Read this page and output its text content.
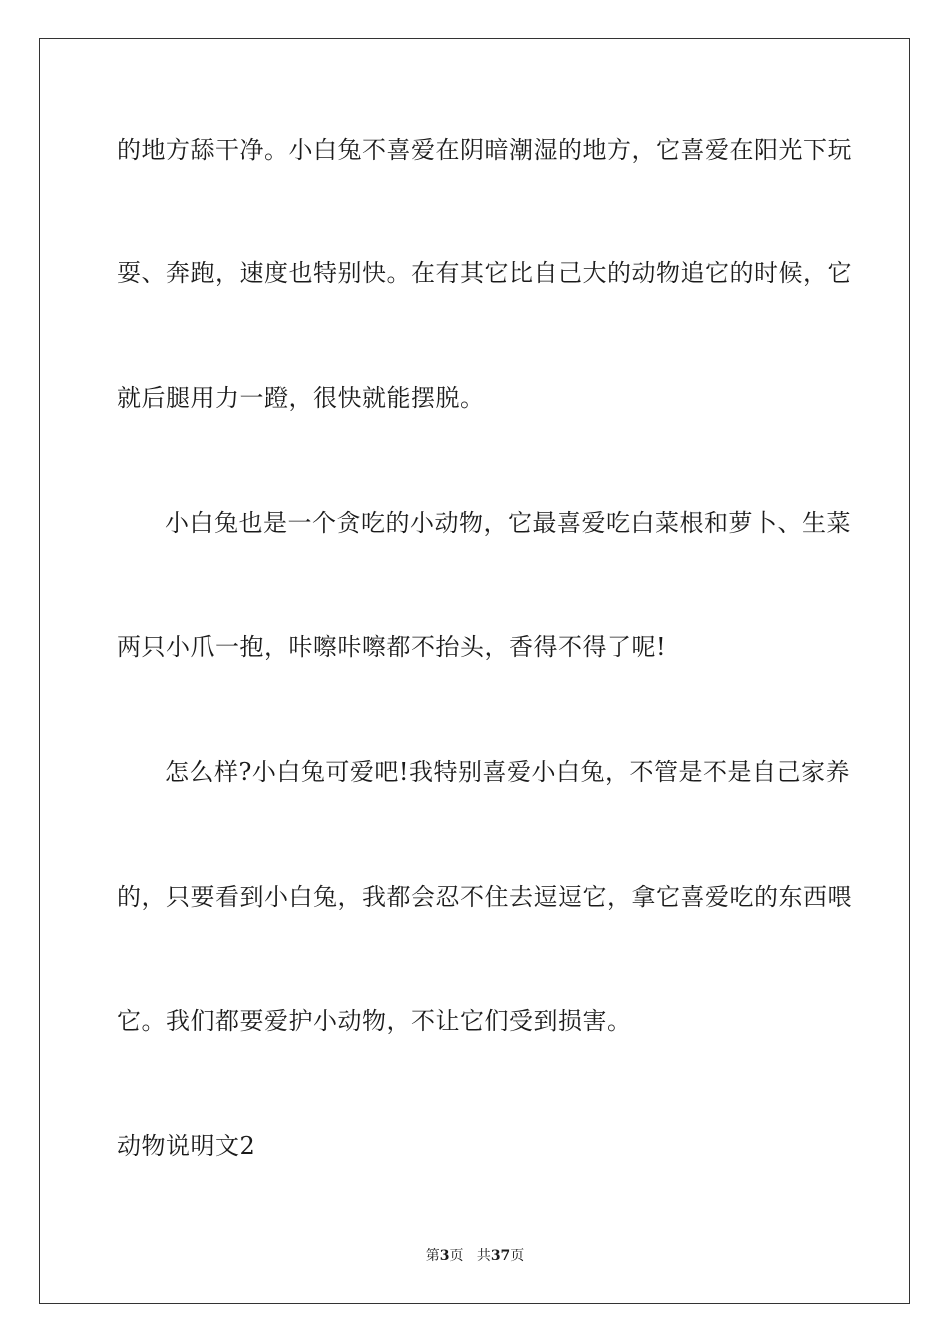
的地方舔干净。小白兔不喜爱在阴暗潮湿的地方，它喜爱在阳光下玩
耍、奔跑，速度也特别快。在有其它比自己大的动物追它的时候，它
就后腿用力一蹬，很快就能摆脱。
小白兔也是一个贪吃的小动物，它最喜爱吃白菜根和萝卜、生菜
两只小爪一抱，咔嚓咔嚓都不抬头，香得不得了呢!
怎么样?小白兔可爱吧!我特别喜爱小白兔，不管是不是自己家养
的，只要看到小白兔，我都会忍不住去逗逗它，拿它喜爱吃的东西喂
它。我们都要爱护小动物，不让它们受到损害。
动物说明文2
第3页 共37页
